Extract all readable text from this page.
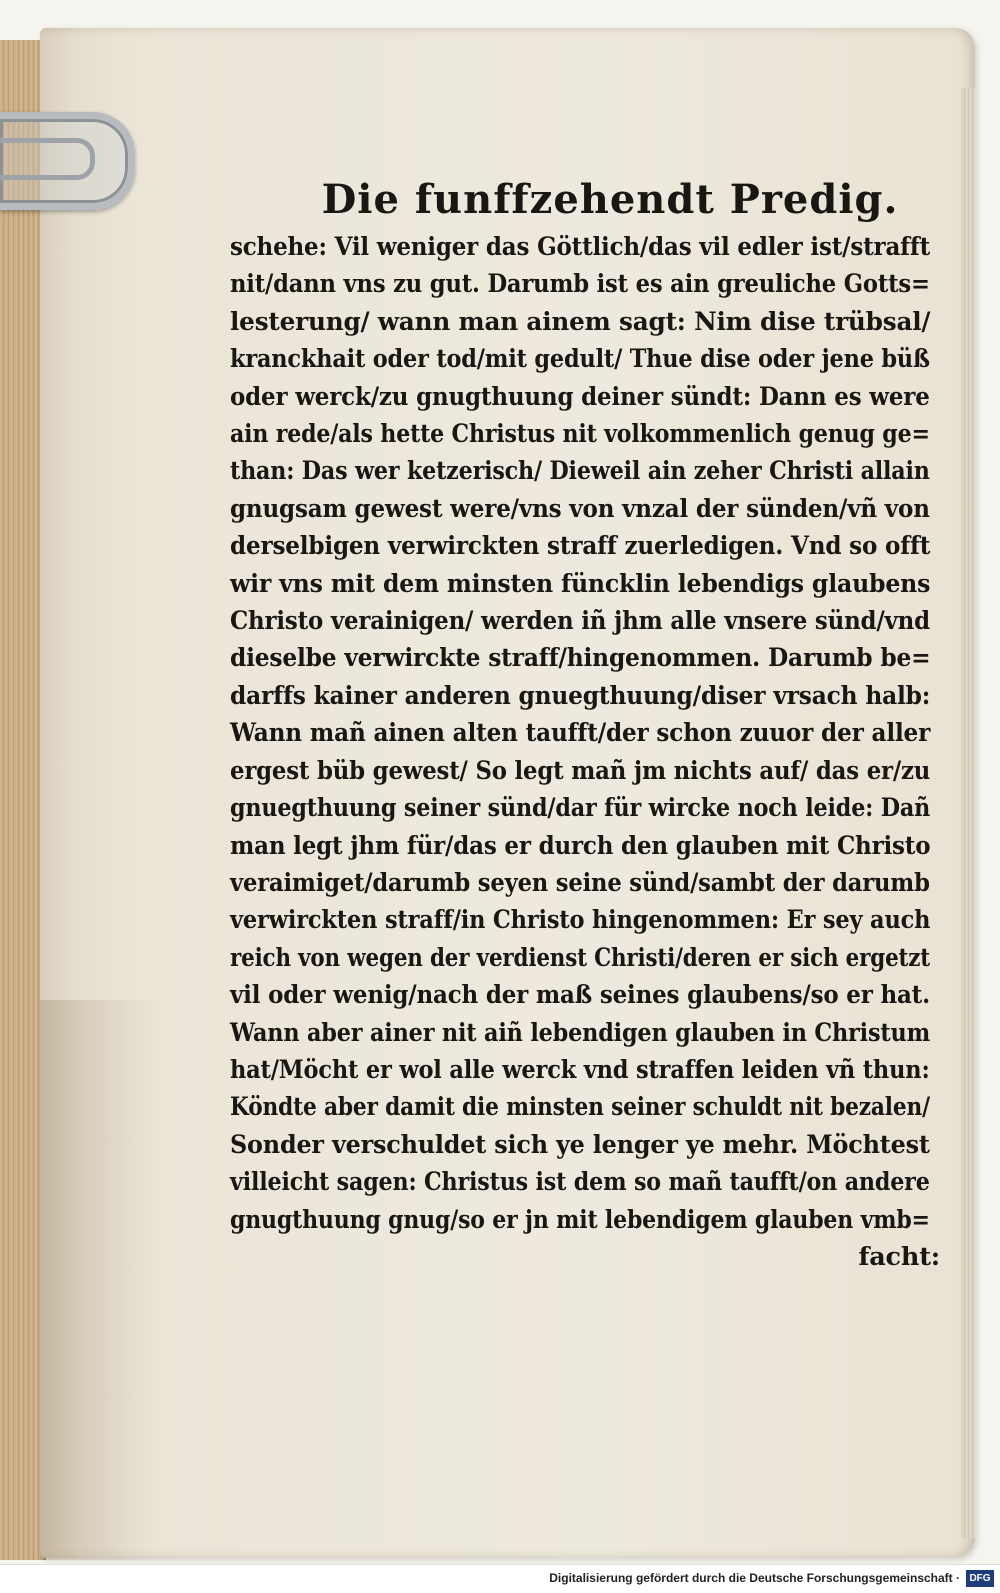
Die funffzehendt Predig.
schehe: Vil weniger das Göttlich/das vil edler ist/strafft
nit/dann vns zu gut. Darumb ist es ain greuliche Gotts=
lesterung/ wann man ainem sagt: Nim dise trübsal/
kranckhait oder tod/mit gedult/ Thue dise oder jene büß
oder werck/zu gnugthuung deiner sündt: Dann es were
ain rede/als hette Christus nit volkommenlich genug ge=
than: Das wer ketzerisch/ Dieweil ain zeher Christi allain
gnugsam gewest were/vns von vnzal der sünden/vñ von
derselbigen verwirckten straff zuerledigen. Vnd so offt
wir vns mit dem minsten füncklin lebendigs glaubens
Christo verainigen/ werden iñ jhm alle vnsere sünd/vnd
dieselbe verwirckte straff/hingenommen. Darumb be=
darffs kainer anderen gnuegthuung/diser vrsach halb:
Wann mañ ainen alten taufft/der schon zuuor der aller
ergest büb gewest/ So legt mañ jm nichts auf/ das er/zu
gnuegthuung seiner sünd/dar für wircke noch leide: Dañ
man legt jhm für/das er durch den glauben mit Christo
veraimiget/darumb seyen seine sünd/sambt der darumb
verwirckten straff/in Christo hingenommen: Er sey auch
reich von wegen der verdienst Christi/deren er sich ergetzt
vil oder wenig/nach der maß seines glaubens/so er hat.
Wann aber ainer nit aiñ lebendigen glauben in Christum
hat/Möcht er wol alle werck vnd straffen leiden vñ thun:
Köndte aber damit die minsten seiner schuldt nit bezalen/
Sonder verschuldet sich ye lenger ye mehr. Möchtest
villeicht sagen: Christus ist dem so mañ taufft/on andere
gnugthuung gnug/so er jn mit lebendigem glauben vmb=
facht:
Digitalisierung gefördert durch die Deutsche Forschungsgemeinschaft · DFG
